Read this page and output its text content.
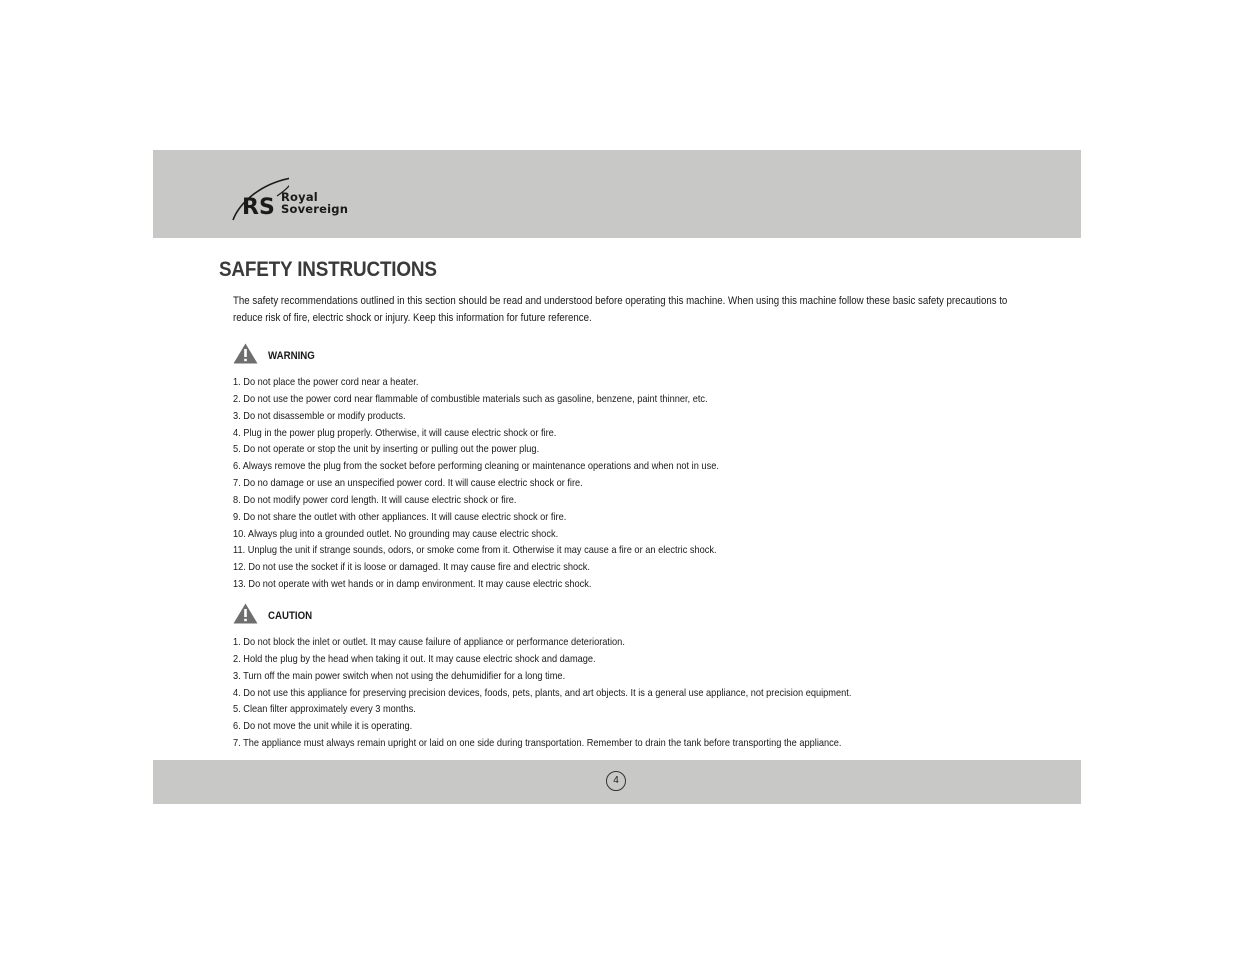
RS Royal
Sovereign
SAFETY INSTRUCTIONS

The safety recommendations outlined in this section should be read and understood before operating this machine. When using this machine follow these basic safety precautions to reduce risk of fire, electric shock or injury. Keep this information for future reference.

WARNING
1. Do not place the power cord near a heater.
2. Do not use the power cord near flammable of combustible materials such as gasoline, benzene, paint thinner, etc.
3. Do not disassemble or modify products.
4. Plug in the power plug properly. Otherwise, it will cause electric shock or fire.
5. Do not operate or stop the unit by inserting or pulling out the power plug.
6. Always remove the plug from the socket before performing cleaning or maintenance operations and when not in use.
7. Do no damage or use an unspecified power cord. It will cause electric shock or fire.
8. Do not modify power cord length. It will cause electric shock or fire.
9. Do not share the outlet with other appliances. It will cause electric shock or fire.
10. Always plug into a grounded outlet. No grounding may cause electric shock.
11. Unplug the unit if strange sounds, odors, or smoke come from it. Otherwise it may cause a fire or an electric shock.
12. Do not use the socket if it is loose or damaged. It may cause fire and electric shock.
13. Do not operate with wet hands or in damp environment. It may cause electric shock.
CAUTION
1. Do not block the inlet or outlet. It may cause failure of appliance or performance deterioration.
2. Hold the plug by the head when taking it out. It may cause electric shock and damage.
3. Turn off the main power switch when not using the dehumidifier for a long time.
4. Do not use this appliance for preserving precision devices, foods, pets, plants, and art objects. It is a general use appliance, not precision equipment.
5. Clean filter approximately every 3 months.
6. Do not move the unit while it is operating.
7. The appliance must always remain upright or laid on one side during transportation. Remember to drain the tank before transporting the appliance.
4
